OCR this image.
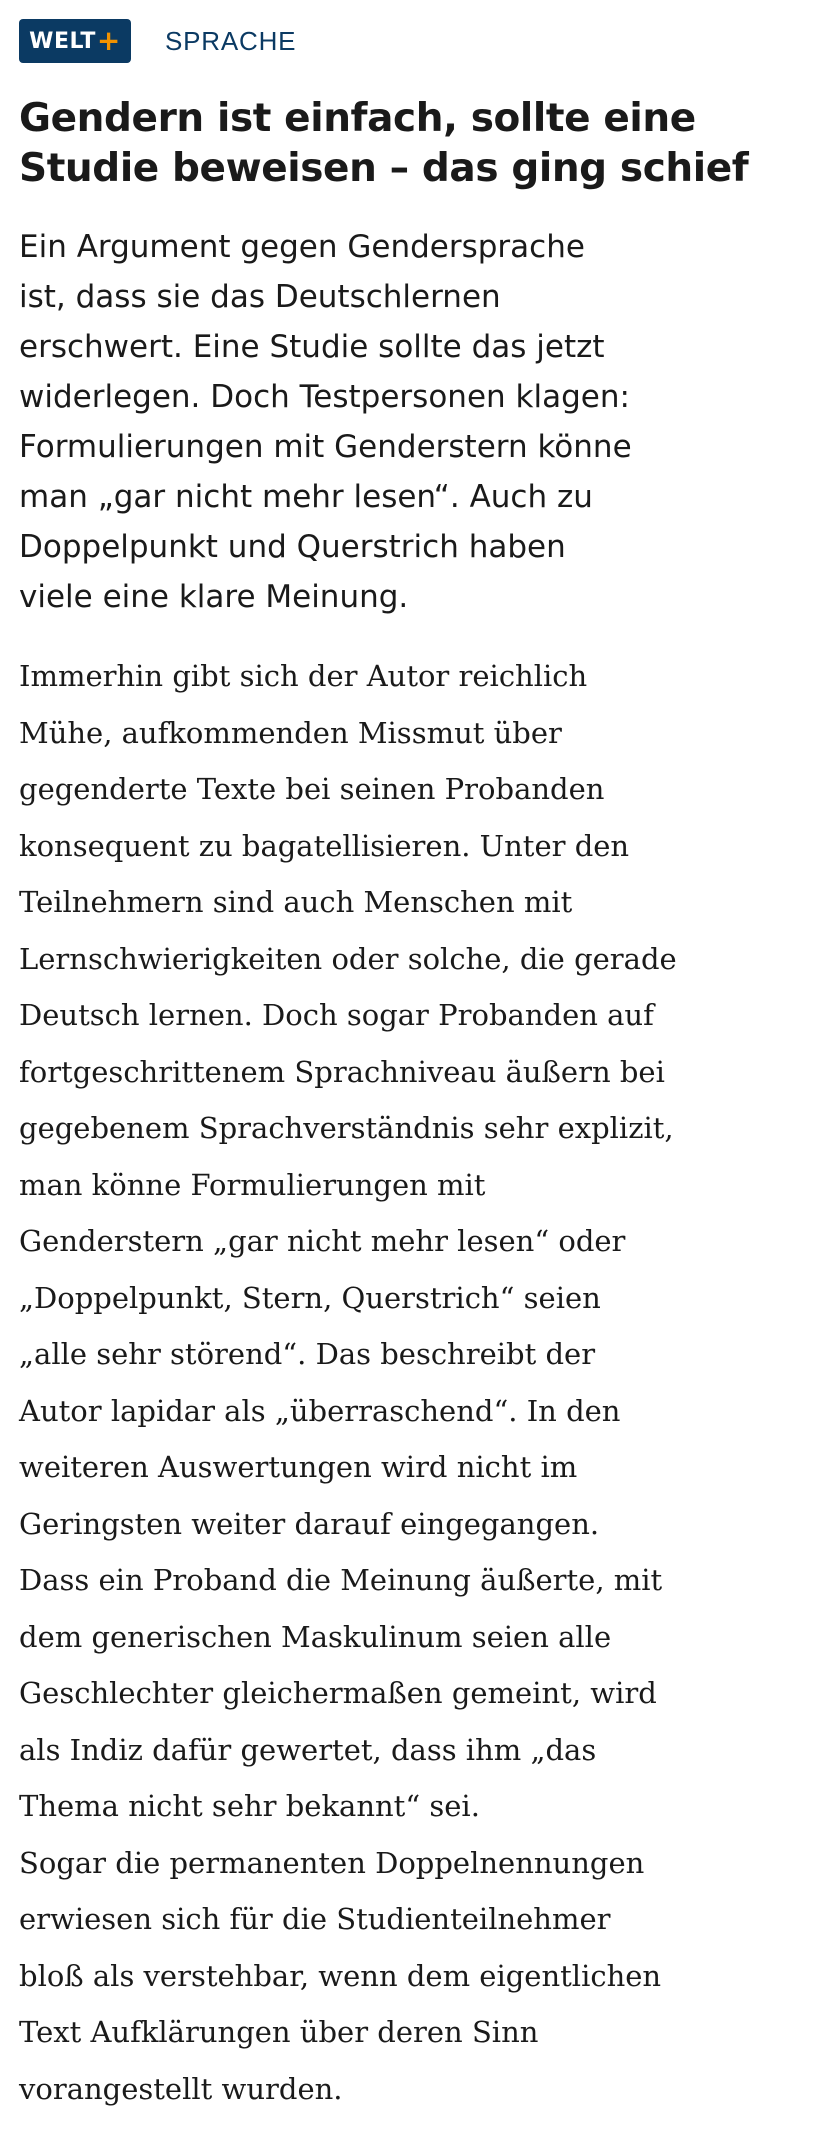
WELT + SPRACHE
Gendern ist einfach, sollte eine
Studie beweisen – das ging schief

Ein Argument gegen Gendersprache
ist, dass sie das Deutschlernen
erschwert. Eine Studie sollte das jetzt
widerlegen. Doch Testpersonen klagen:
Formulierungen mit Genderstern könne
man „gar nicht mehr lesen“. Auch zu
Doppelpunkt und Querstrich haben
viele eine klare Meinung.

Immerhin gibt sich der Autor reichlich
Mühe, aufkommenden Missmut über
gegenderte Texte bei seinen Probanden
konsequent zu bagatellisieren. Unter den
Teilnehmern sind auch Menschen mit
Lernschwierigkeiten oder solche, die gerade
Deutsch lernen. Doch sogar Probanden auf
fortgeschrittenem Sprachniveau äußern bei
gegebenem Sprachverständnis sehr explizit,
man könne Formulierungen mit
Genderstern „gar nicht mehr lesen“ oder
„Doppelpunkt, Stern, Querstrich“ seien
„alle sehr störend“. Das beschreibt der
Autor lapidar als „überraschend“. In den
weiteren Auswertungen wird nicht im
Geringsten weiter darauf eingegangen.
Dass ein Proband die Meinung äußerte, mit
dem generischen Maskulinum seien alle
Geschlechter gleichermaßen gemeint, wird
als Indiz dafür gewertet, dass ihm „das
Thema nicht sehr bekannt“ sei.
Sogar die permanenten Doppelnennungen
erwiesen sich für die Studienteilnehmer
bloß als verstehbar, wenn dem eigentlichen
Text Aufklärungen über deren Sinn
vorangestellt wurden.
